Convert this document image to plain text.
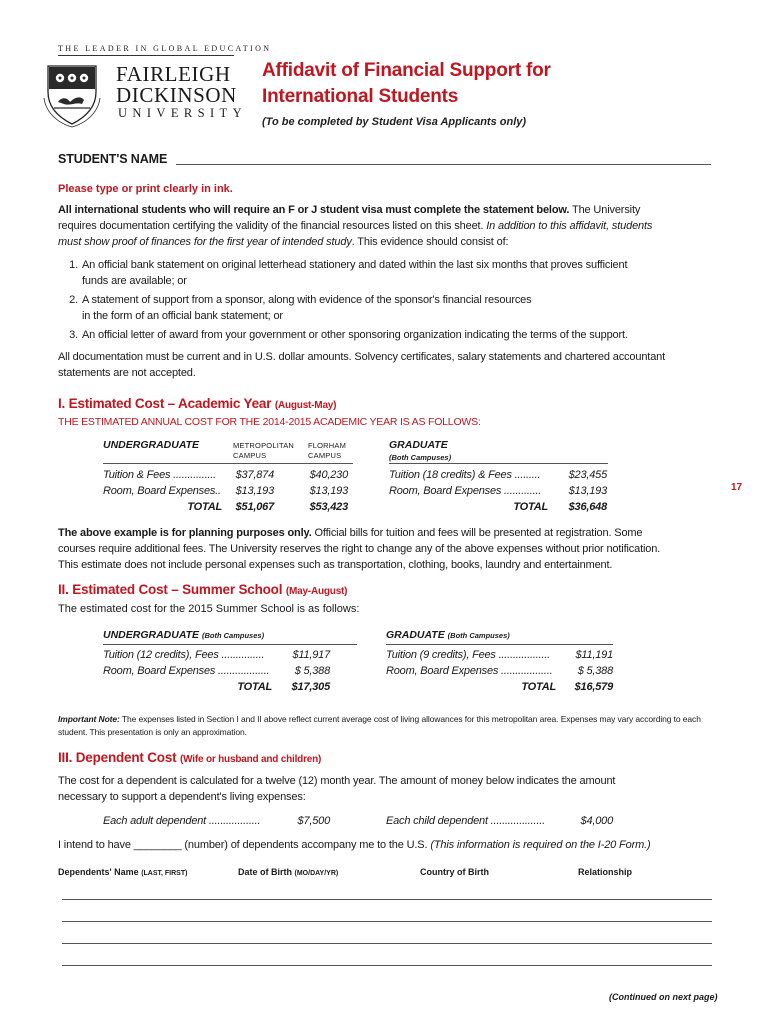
THE LEADER IN GLOBAL EDUCATION
FAIRLEIGH
DICKINSON
UNIVERSITY
Affidavit of Financial Support for
International Students
(To be completed by Student Visa Applicants only)
STUDENT'S NAME
Please type or print clearly in ink.
All international students who will require an F or J student visa must complete the statement below. The University
requires documentation certifying the validity of the financial resources listed on this sheet. In addition to this affidavit, students
must show proof of finances for the first year of intended study. This evidence should consist of:
1. An official bank statement on original letterhead stationery and dated within the last six months that proves sufficient
funds are available; or
2. A statement of support from a sponsor, along with evidence of the sponsor's financial resources
in the form of an official bank statement; or
3. An official letter of award from your government or other sponsoring organization indicating the terms of the support.
All documentation must be current and in U.S. dollar amounts. Solvency certificates, salary statements and chartered accountant
statements are not accepted.
I. Estimated Cost – Academic Year (August-May)
THE ESTIMATED ANNUAL COST FOR THE 2014-2015 ACADEMIC YEAR IS AS FOLLOWS:
UNDERGRADUATE	METROPOLITAN
CAMPUS
FLORHAM
CAMPUS
GRADUATE
(Both Campuses)
Tuition & Fees ...............	$37,874	$40,230
Room, Board Expenses..	$13,193	$13,193
TOTAL	$51,067	$53,423
Tuition (18 credits) & Fees .........	$23,455
Room, Board Expenses .............	$13,193
TOTAL	$36,648
17
The above example is for planning purposes only. Official bills for tuition and fees will be presented at registration. Some
courses require additional fees. The University reserves the right to change any of the above expenses without prior notification.
This estimate does not include personal expenses such as transportation, clothing, books, laundry and entertainment.
II. Estimated Cost – Summer School (May-August)
The estimated cost for the 2015 Summer School is as follows:
UNDERGRADUATE (Both Campuses)	GRADUATE (Both Campuses)
Tuition (12 credits), Fees ...............	$11,917
Room, Board Expenses ..................	$ 5,388
TOTAL	$17,305
Tuition (9 credits), Fees ..................	$11,191
Room, Board Expenses ..................	$ 5,388
TOTAL	$16,579
Important Note: The expenses listed in Section I and II above reflect current average cost of living allowances for this metropolitan area. Expenses may vary according to each
student. This presentation is only an approximation.
III. Dependent Cost (Wife or husband and children)
The cost for a dependent is calculated for a twelve (12) month year. The amount of money below indicates the amount
necessary to support a dependent's living expenses:
Each adult dependent ..................	$7,500	Each child dependent ...................	$4,000
I intend to have ________ (number) of dependents accompany me to the U.S. (This information is required on the I-20 Form.)
Dependents' Name (LAST, FIRST)	Date of Birth (MO/DAY/YR)	Country of Birth	Relationship
(Continued on next page)
